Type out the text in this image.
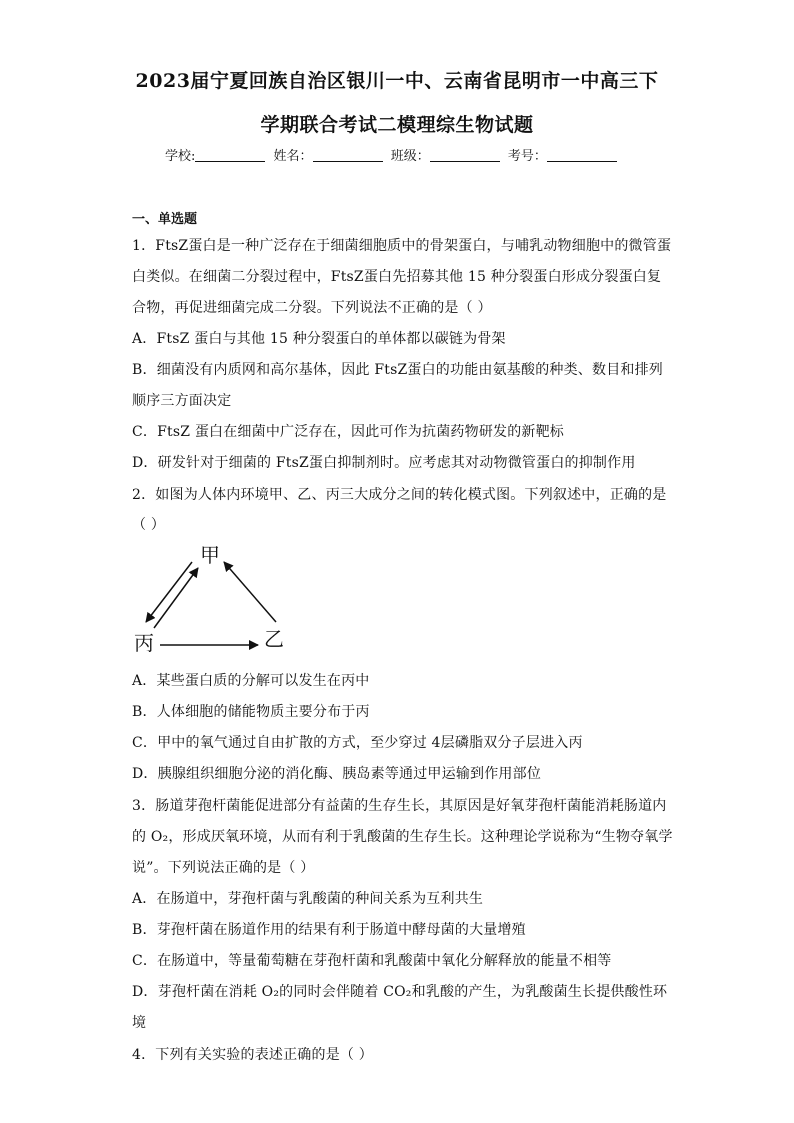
2023届宁夏回族自治区银川一中、云南省昆明市一中高三下
学期联合考试二模理综生物试题
学校:	姓名：	班级：	考号：
一、单选题
1．FtsZ蛋白是一种广泛存在于细菌细胞质中的骨架蛋白，与哺乳动物细胞中的微管蛋
白类似。在细菌二分裂过程中，FtsZ蛋白先招募其他 15 种分裂蛋白形成分裂蛋白复
合物，再促进细菌完成二分裂。下列说法不正确的是（ ）
A．FtsZ 蛋白与其他 15 种分裂蛋白的单体都以碳链为骨架
B．细菌没有内质网和高尔基体，因此 FtsZ蛋白的功能由氨基酸的种类、数目和排列
顺序三方面决定
C．FtsZ 蛋白在细菌中广泛存在，因此可作为抗菌药物研发的新靶标
D．研发针对于细菌的 FtsZ蛋白抑制剂时。应考虑其对动物微管蛋白的抑制作用
2．如图为人体内环境甲、乙、丙三大成分之间的转化模式图。下列叙述中，正确的是
（ ）
甲
丙	乙
A．某些蛋白质的分解可以发生在丙中
B．人体细胞的储能物质主要分布于丙
C．甲中的氧气通过自由扩散的方式，至少穿过 4层磷脂双分子层进入丙
D．胰腺组织细胞分泌的消化酶、胰岛素等通过甲运输到作用部位
3．肠道芽孢杆菌能促进部分有益菌的生存生长，其原因是好氧芽孢杆菌能消耗肠道内
的 O₂，形成厌氧环境，从而有利于乳酸菌的生存生长。这种理论学说称为“生物夺氧学
说”。下列说法正确的是（ ）
A．在肠道中，芽孢杆菌与乳酸菌的种间关系为互利共生
B．芽孢杆菌在肠道作用的结果有利于肠道中酵母菌的大量增殖
C．在肠道中，等量葡萄糖在芽孢杆菌和乳酸菌中氧化分解释放的能量不相等
D．芽孢杆菌在消耗 O₂的同时会伴随着 CO₂和乳酸的产生，为乳酸菌生长提供酸性环
境
4．下列有关实验的表述正确的是（ ）
